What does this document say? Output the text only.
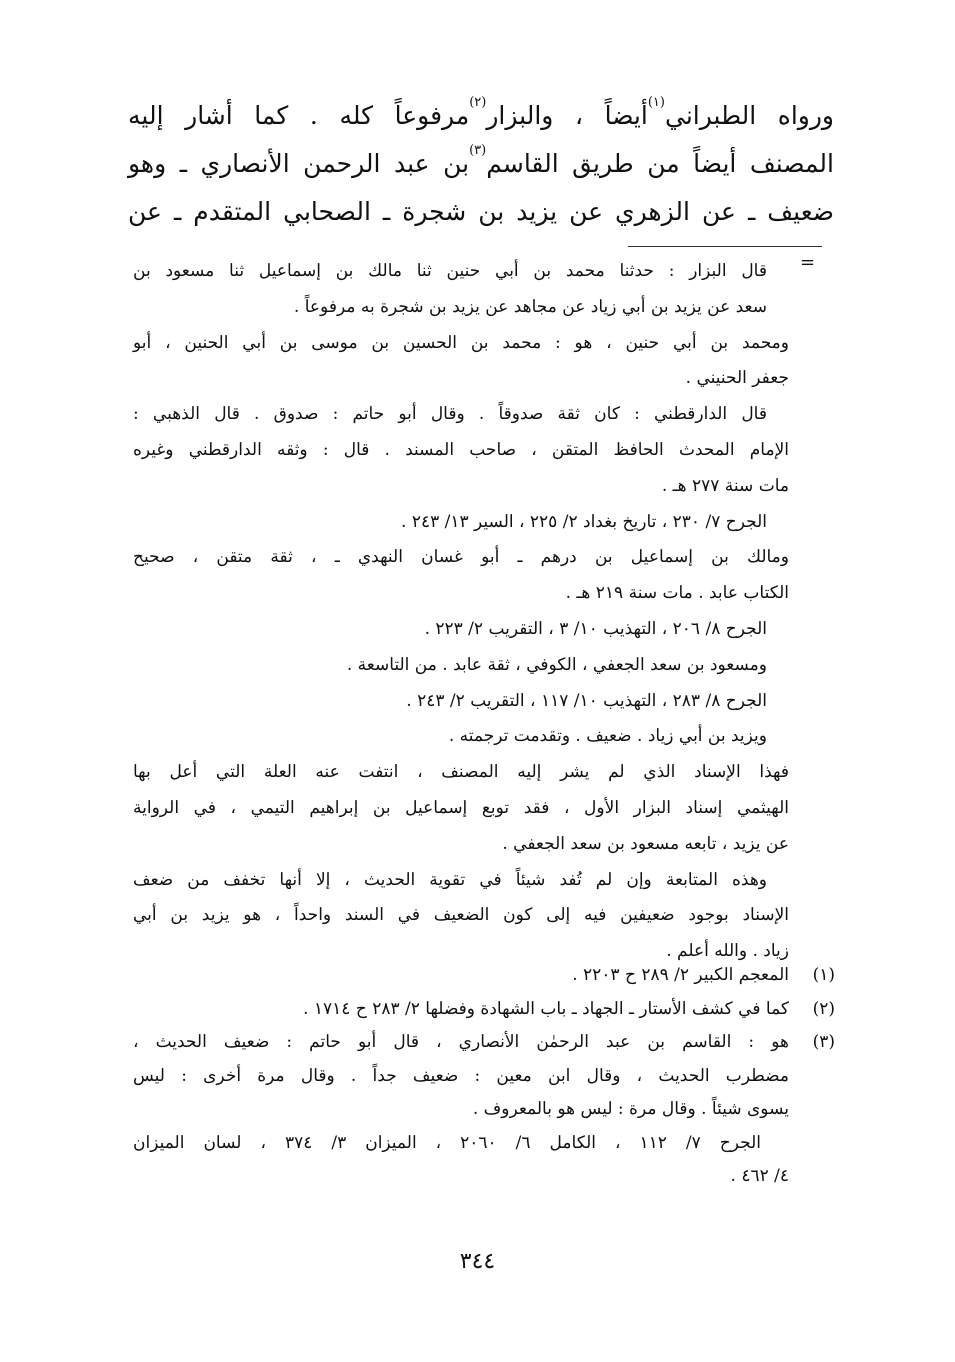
ورواه الطبراني$^{(١)}$أيضاً ، والبزار$^{(٢)}$مرفوعاً كله . كما أشار إليه
المصنف أيضاً من طريق القاسم$^{(٣)}$بن عبد الرحمن الأنصاري ـ وهو
ضعيف ـ عن الزهري عن يزيد بن شجرة ـ الصحابي المتقدم ـ عن
=
قال البزار : حدثنا محمد بن أبي حنين ثنا مالك بن إسماعيل ثنا مسعود بن
سعد عن يزيد بن أبي زياد عن مجاهد عن يزيد بن شجرة به مرفوعاً .
ومحمد بن أبي حنين ، هو : محمد بن الحسين بن موسى بن أبي الحنين ، أبو
جعفر الحنيني .
قال الدارقطني : كان ثقة صدوقاً . وقال أبو حاتم : صدوق . قال الذهبي :
الإمام المحدث الحافظ المتقن ، صاحب المسند . قال : وثقه الدارقطني وغيره
مات سنة ٢٧٧ هـ .
الجرح ٧/ ٢٣٠ ، تاريخ بغداد ٢/ ٢٢٥ ، السير ١٣/ ٢٤٣ .
ومالك بن إسماعيل بن درهم ـ أبو غسان النهدي ـ ، ثقة متقن ، صحيح
الكتاب عابد . مات سنة ٢١٩ هـ .
الجرح ٨/ ٢٠٦ ، التهذيب ١٠/ ٣ ، التقريب ٢/ ٢٢٣ .
ومسعود بن سعد الجعفي ، الكوفي ، ثقة عابد . من التاسعة .
الجرح ٨/ ٢٨٣ ، التهذيب ١٠/ ١١٧ ، التقريب ٢/ ٢٤٣ .
ويزيد بن أبي زياد . ضعيف . وتقدمت ترجمته .
فهذا الإسناد الذي لم يشر إليه المصنف ، انتفت عنه العلة التي أعل بها
الهيثمي إسناد البزار الأول ، فقد توبع إسماعيل بن إبراهيم التيمي ، في الرواية
عن يزيد ، تابعه مسعود بن سعد الجعفي .
وهذه المتابعة وإن لم تُفد شيئاً في تقوية الحديث ، إلا أنها تخفف من ضعف
الإسناد بوجود ضعيفين فيه إلى كون الضعيف في السند واحداً ، هو يزيد بن أبي
زياد . والله أعلم .
(١)
المعجم الكبير ٢/ ٢٨٩ ح ٢٢٠٣ .
(٢)
كما في كشف الأستار ـ الجهاد ـ باب الشهادة وفضلها ٢/ ٢٨٣ ح ١٧١٤ .
(٣)
هو : القاسم بن عبد الرحمٰن الأنصاري ، قال أبو حاتم : ضعيف الحديث ،
مضطرب الحديث ، وقال ابن معين : ضعيف جداً . وقال مرة أخرى : ليس
يسوى شيئاً . وقال مرة : ليس هو بالمعروف .
الجرح ٧/ ١١٢ ، الكامل ٦/ ٢٠٦٠ ، الميزان ٣/ ٣٧٤ ، لسان الميزان
٤/ ٤٦٢ .
٣٤٤
